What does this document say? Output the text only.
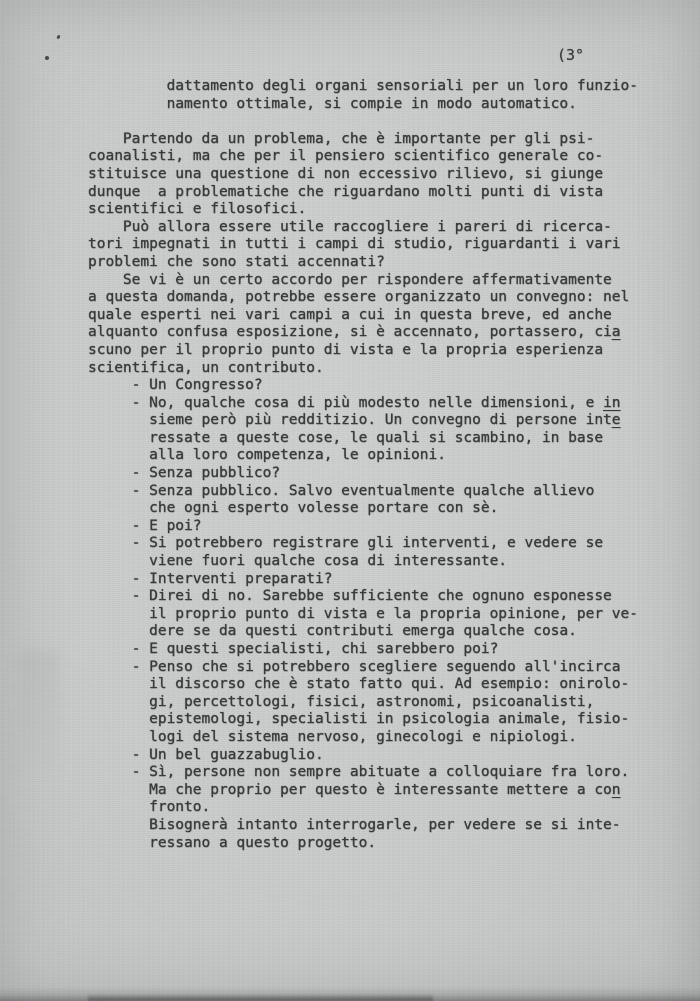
(3°
dattamento degli organi sensoriali per un loro funzio-
namento ottimale, si compie in modo automatico.

Partendo da un problema, che è importante per gli psi-
coanalisti, ma che per il pensiero scientifico generale co-
stituisce una questione di non eccessivo rilievo, si giunge
dunque  a problematiche che riguardano molti punti di vista
scientifici e filosofici.
Può allora essere utile raccogliere i pareri di ricerca-
tori impegnati in tutti i campi di studio, riguardanti i vari
problemi che sono stati accennati?
Se vi è un certo accordo per rispondere affermativamente
a questa domanda, potrebbe essere organizzato un convegno: nel
quale esperti nei vari campi a cui in questa breve, ed anche
alquanto confusa esposizione, si è accennato, portassero, cia
scuno per il proprio punto di vista e la propria esperienza
scientifica, un contributo.
- Un Congresso?
- No, qualche cosa di più modesto nelle dimensioni, e in
sieme però più redditizio. Un convegno di persone inte
ressate a queste cose, le quali si scambino, in base
alla loro competenza, le opinioni.
- Senza pubblico?
- Senza pubblico. Salvo eventualmente qualche allievo
che ogni esperto volesse portare con sè.
- E poi?
- Si potrebbero registrare gli interventi, e vedere se
viene fuori qualche cosa di interessante.
- Interventi preparati?
- Direi di no. Sarebbe sufficiente che ognuno esponesse
il proprio punto di vista e la propria opinione, per ve-
dere se da questi contributi emerga qualche cosa.
- E questi specialisti, chi sarebbero poi?
- Penso che si potrebbero scegliere seguendo all'incirca
il discorso che è stato fatto qui. Ad esempio: onirolo-
gi, percettologi, fisici, astronomi, psicoanalisti,
epistemologi, specialisti in psicologia animale, fisio-
logi del sistema nervoso, ginecologi e nipiologi.
- Un bel guazzabuglio.
- Sì, persone non sempre abituate a colloquiare fra loro.
Ma che proprio per questo è interessante mettere a con
fronto.
Bisognerà intanto interrogarle, per vedere se si inte-
ressano a questo progetto.
